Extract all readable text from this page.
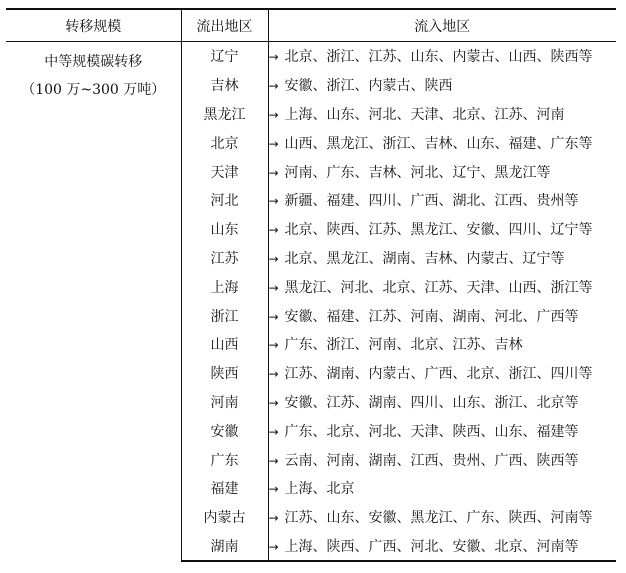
转移规模	流出地区	流入地区

中等规模碳转移
（100 万~300 万吨）	辽宁	→ 北京、浙江、江苏、山东、内蒙古、山西、陕西等
	吉林	→ 安徽、浙江、内蒙古、陕西
	黑龙江	→ 上海、山东、河北、天津、北京、江苏、河南
	北京	→ 山西、黑龙江、浙江、吉林、山东、福建、广东等
	天津	→ 河南、广东、吉林、河北、辽宁、黑龙江等
	河北	→ 新疆、福建、四川、广西、湖北、江西、贵州等
	山东	→ 北京、陕西、江苏、黑龙江、安徽、四川、辽宁等
	江苏	→ 北京、黑龙江、湖南、吉林、内蒙古、辽宁等
	上海	→ 黑龙江、河北、北京、江苏、天津、山西、浙江等
	浙江	→ 安徽、福建、江苏、河南、湖南、河北、广西等
	山西	→ 广东、浙江、河南、北京、江苏、吉林
	陕西	→ 江苏、湖南、内蒙古、广西、北京、浙江、四川等
	河南	→ 安徽、江苏、湖南、四川、山东、浙江、北京等
	安徽	→ 广东、北京、河北、天津、陕西、山东、福建等
	广东	→ 云南、河南、湖南、江西、贵州、广西、陕西等
	福建	→ 上海、北京
	内蒙古	→ 江苏、山东、安徽、黑龙江、广东、陕西、河南等
	湖南	→ 上海、陕西、广西、河北、安徽、北京、河南等
